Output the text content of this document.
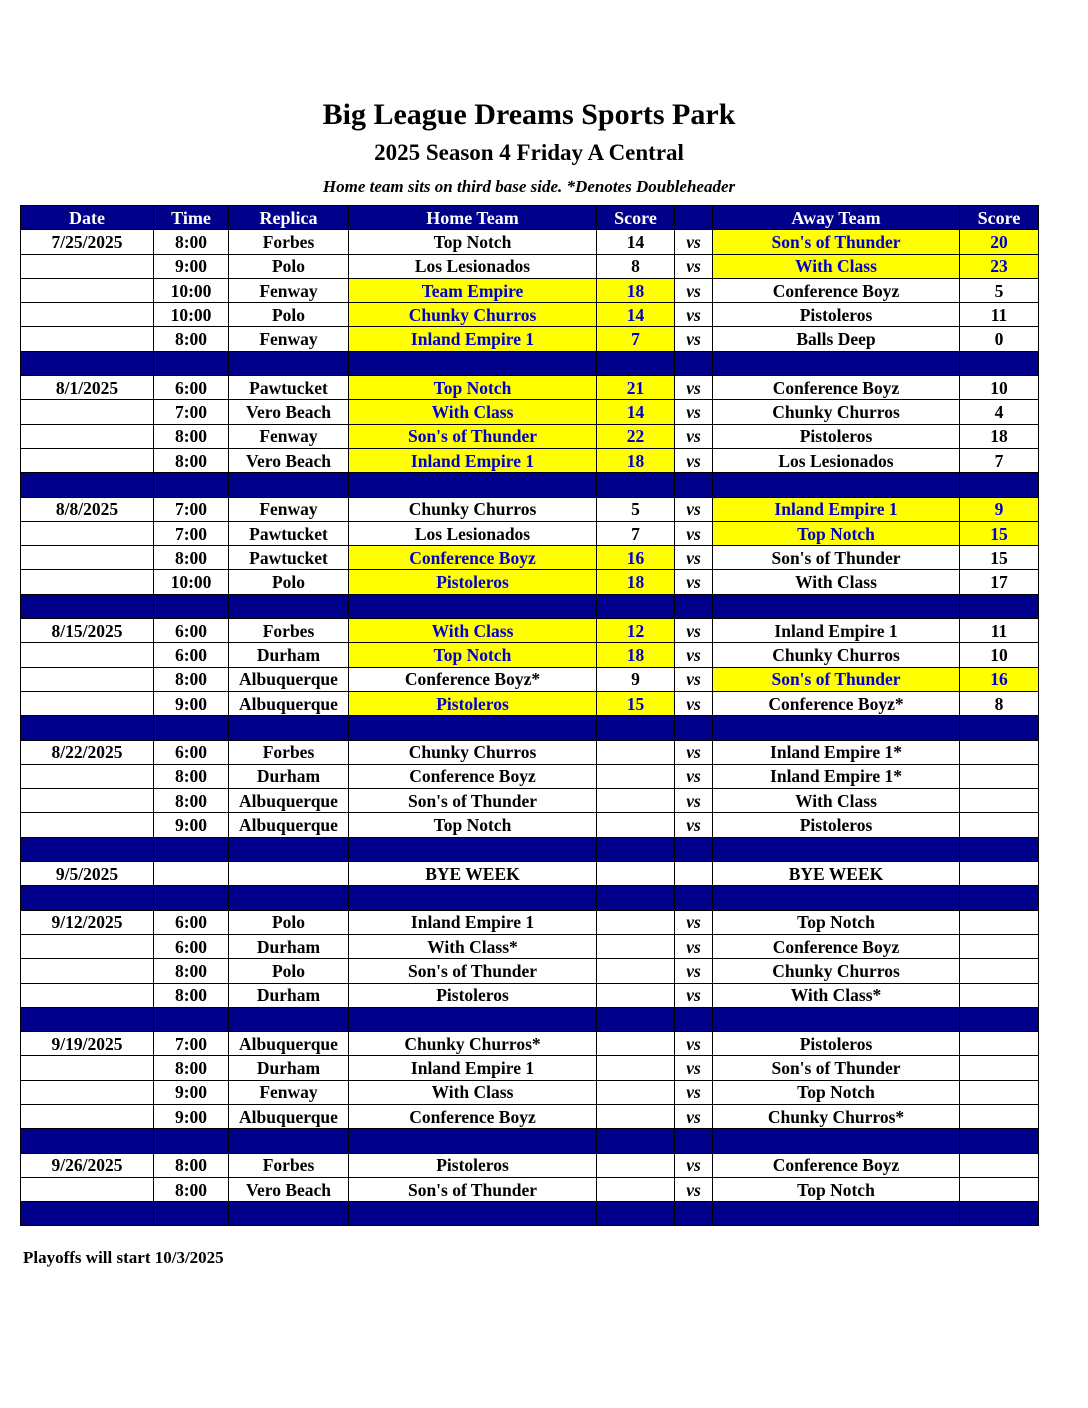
Big League Dreams Sports Park
2025 Season 4 Friday A Central
Home team sits on third base side. *Denotes Doubleheader
Date	Time	Replica	Home Team	Score		Away Team	Score
7/25/2025	8:00	Forbes	Top Notch	14	vs	Son's of Thunder	20
	9:00	Polo	Los Lesionados	8	vs	With Class	23
	10:00	Fenway	Team Empire	18	vs	Conference Boyz	5
	10:00	Polo	Chunky Churros	14	vs	Pistoleros	11
	8:00	Fenway	Inland Empire 1	7	vs	Balls Deep	0

8/1/2025	6:00	Pawtucket	Top Notch	21	vs	Conference Boyz	10
	7:00	Vero Beach	With Class	14	vs	Chunky Churros	4
	8:00	Fenway	Son's of Thunder	22	vs	Pistoleros	18
	8:00	Vero Beach	Inland Empire 1	18	vs	Los Lesionados	7

8/8/2025	7:00	Fenway	Chunky Churros	5	vs	Inland Empire 1	9
	7:00	Pawtucket	Los Lesionados	7	vs	Top Notch	15
	8:00	Pawtucket	Conference Boyz	16	vs	Son's of Thunder	15
	10:00	Polo	Pistoleros	18	vs	With Class	17

8/15/2025	6:00	Forbes	With Class	12	vs	Inland Empire 1	11
	6:00	Durham	Top Notch	18	vs	Chunky Churros	10
	8:00	Albuquerque	Conference Boyz*	9	vs	Son's of Thunder	16
	9:00	Albuquerque	Pistoleros	15	vs	Conference Boyz*	8

8/22/2025	6:00	Forbes	Chunky Churros		vs	Inland Empire 1*	
	8:00	Durham	Conference Boyz		vs	Inland Empire 1*	
	8:00	Albuquerque	Son's of Thunder		vs	With Class	
	9:00	Albuquerque	Top Notch		vs	Pistoleros	

9/5/2025			BYE WEEK			BYE WEEK	

9/12/2025	6:00	Polo	Inland Empire 1		vs	Top Notch	
	6:00	Durham	With Class*		vs	Conference Boyz	
	8:00	Polo	Son's of Thunder		vs	Chunky Churros	
	8:00	Durham	Pistoleros		vs	With Class*	

9/19/2025	7:00	Albuquerque	Chunky Churros*		vs	Pistoleros	
	8:00	Durham	Inland Empire 1		vs	Son's of Thunder	
	9:00	Fenway	With Class		vs	Top Notch	
	9:00	Albuquerque	Conference Boyz		vs	Chunky Churros*	

9/26/2025	8:00	Forbes	Pistoleros		vs	Conference Boyz	
	8:00	Vero Beach	Son's of Thunder		vs	Top Notch	

Playoffs will start 10/3/2025
